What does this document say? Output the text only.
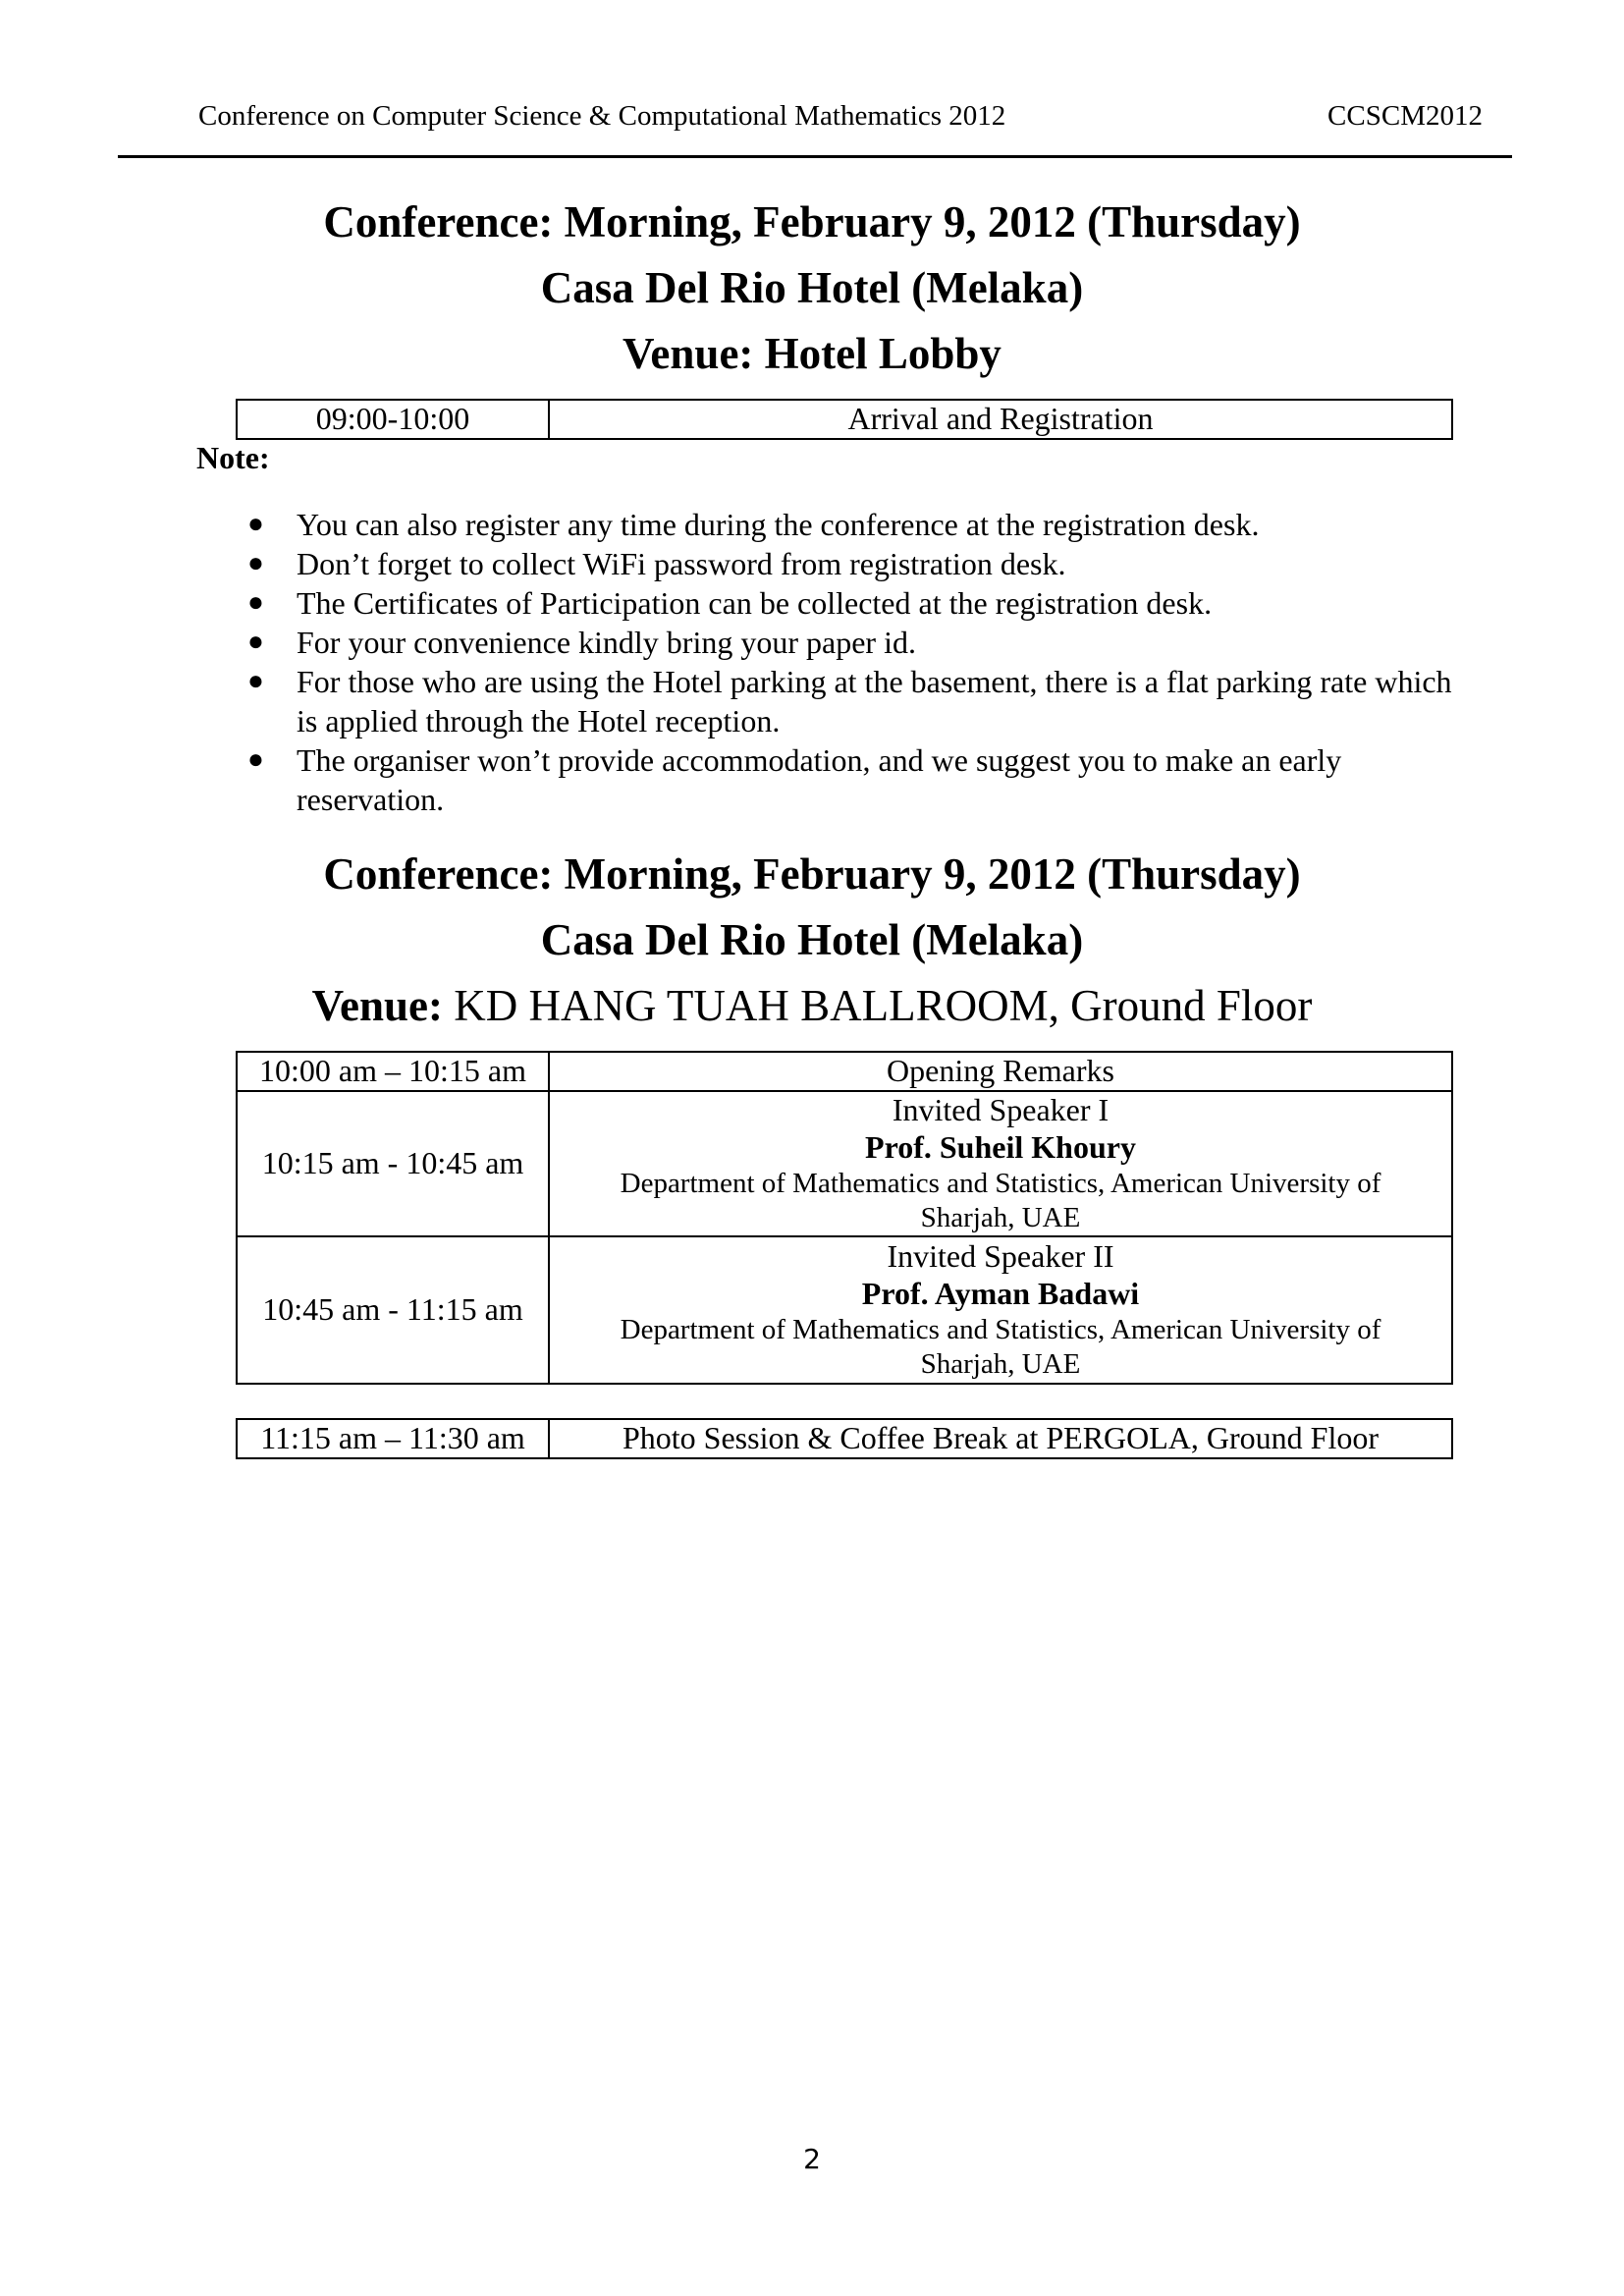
Conference on Computer Science & Computational Mathematics 2012	CCSCM2012
Conference: Morning, February 9, 2012 (Thursday)
Casa Del Rio Hotel (Melaka)
Venue: Hotel Lobby
09:00-10:00	Arrival and Registration
Note:
● You can also register any time during the conference at the registration desk.
● Don’t forget to collect WiFi password from registration desk.
● The Certificates of Participation can be collected at the registration desk.
● For your convenience kindly bring your paper id.
● For those who are using the Hotel parking at the basement, there is a flat parking rate which is applied through the Hotel reception.
● The organiser won’t provide accommodation, and we suggest you to make an early reservation.
Conference: Morning, February 9, 2012 (Thursday)
Casa Del Rio Hotel (Melaka)
Venue: KD HANG TUAH BALLROOM, Ground Floor
10:00 am – 10:15 am	Opening Remarks
10:15 am - 10:45 am	Invited Speaker I
Prof. Suheil Khoury
Department of Mathematics and Statistics, American University of Sharjah, UAE

10:45 am - 11:15 am	Invited Speaker II
Prof. Ayman Badawi
Department of Mathematics and Statistics, American University of Sharjah, UAE
11:15 am – 11:30 am	Photo Session & Coffee Break at PERGOLA, Ground Floor
2
